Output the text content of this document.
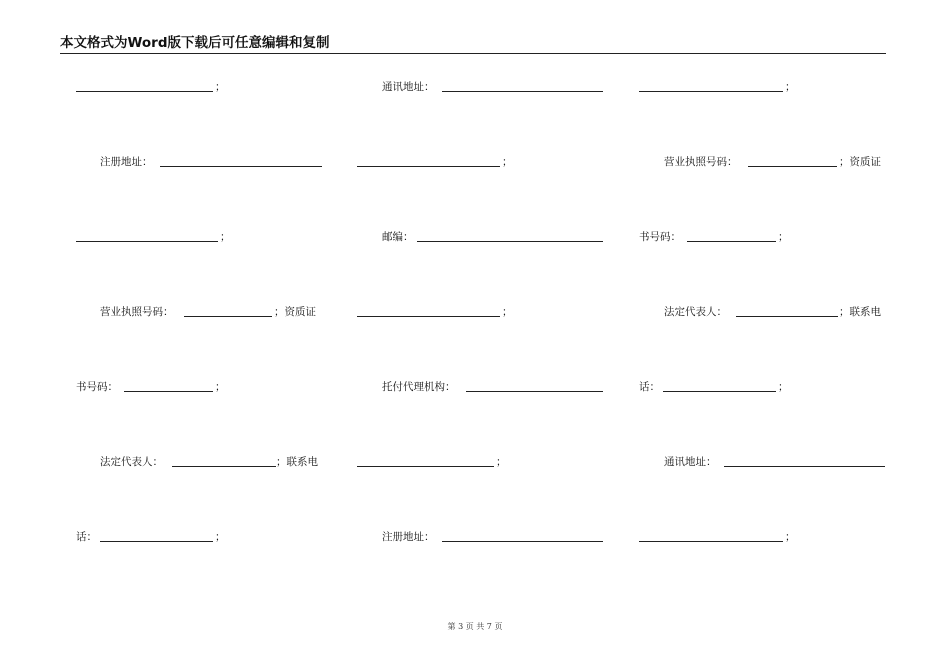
本文格式为Word版下载后可任意编辑和复制
；
注册地址：
；
营业执照号码：	；资质证
书号码：	；
法定代表人：	；联系电
话：	；
通讯地址：
；
邮编：
；
托付代理机构：
；
注册地址：
；
营业执照号码：	；资质证
书号码：	；
法定代表人：	；联系电
话：	；
通讯地址：
；
第 3 页 共 7 页
